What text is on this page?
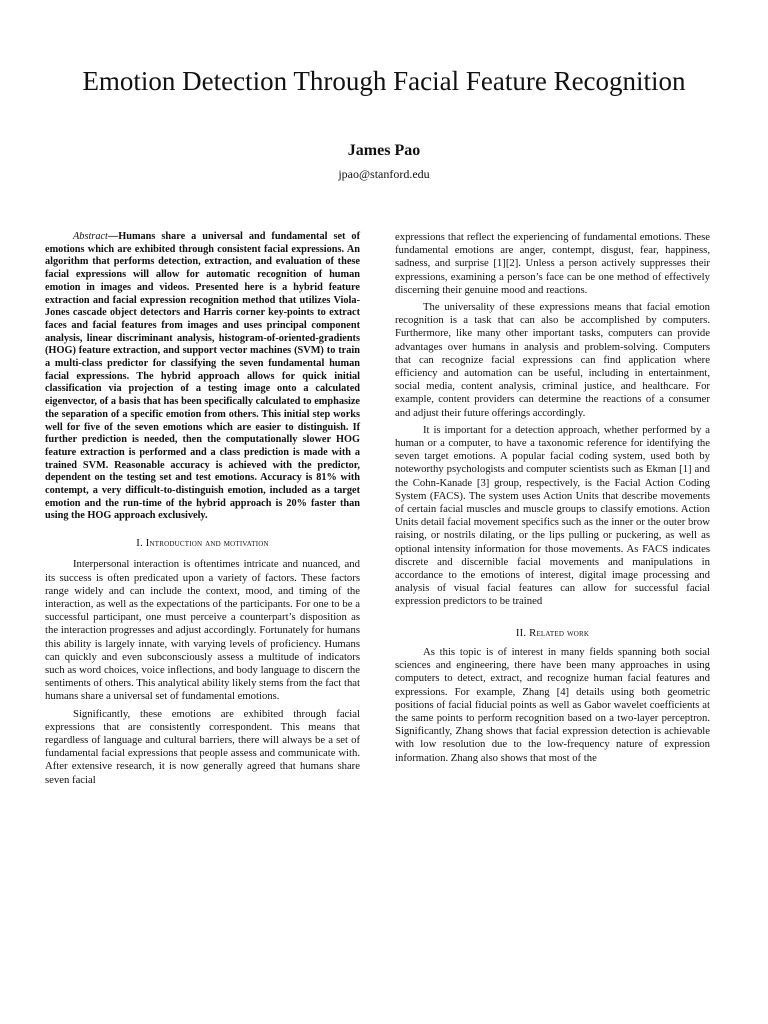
Emotion Detection Through Facial Feature Recognition
James Pao
jpao@stanford.edu

Abstract—Humans share a universal and fundamental set of emotions which are exhibited through consistent facial expressions. An algorithm that performs detection, extraction, and evaluation of these facial expressions will allow for automatic recognition of human emotion in images and videos. Presented here is a hybrid feature extraction and facial expression recognition method that utilizes Viola-Jones cascade object detectors and Harris corner key-points to extract faces and facial features from images and uses principal component analysis, linear discriminant analysis, histogram-of-oriented-gradients (HOG) feature extraction, and support vector machines (SVM) to train a multi-class predictor for classifying the seven fundamental human facial expressions. The hybrid approach allows for quick initial classification via projection of a testing image onto a calculated eigenvector, of a basis that has been specifically calculated to emphasize the separation of a specific emotion from others. This initial step works well for five of the seven emotions which are easier to distinguish. If further prediction is needed, then the computationally slower HOG feature extraction is performed and a class prediction is made with a trained SVM. Reasonable accuracy is achieved with the predictor, dependent on the testing set and test emotions. Accuracy is 81% with contempt, a very difficult-to-distinguish emotion, included as a target emotion and the run-time of the hybrid approach is 20% faster than using the HOG approach exclusively.

I. Introduction and motivation

Interpersonal interaction is oftentimes intricate and nuanced, and its success is often predicated upon a variety of factors. These factors range widely and can include the context, mood, and timing of the interaction, as well as the expectations of the participants. For one to be a successful participant, one must perceive a counterpart’s disposition as the interaction progresses and adjust accordingly. Fortunately for humans this ability is largely innate, with varying levels of proficiency. Humans can quickly and even subconsciously assess a multitude of indicators such as word choices, voice inflections, and body language to discern the sentiments of others. This analytical ability likely stems from the fact that humans share a universal set of fundamental emotions.

Significantly, these emotions are exhibited through facial expressions that are consistently correspondent. This means that regardless of language and cultural barriers, there will always be a set of fundamental facial expressions that people assess and communicate with. After extensive research, it is now generally agreed that humans share seven facial

expressions that reflect the experiencing of fundamental emotions. These fundamental emotions are anger, contempt, disgust, fear, happiness, sadness, and surprise [1][2]. Unless a person actively suppresses their expressions, examining a person’s face can be one method of effectively discerning their genuine mood and reactions.

The universality of these expressions means that facial emotion recognition is a task that can also be accomplished by computers. Furthermore, like many other important tasks, computers can provide advantages over humans in analysis and problem-solving. Computers that can recognize facial expressions can find application where efficiency and automation can be useful, including in entertainment, social media, content analysis, criminal justice, and healthcare. For example, content providers can determine the reactions of a consumer and adjust their future offerings accordingly.

It is important for a detection approach, whether performed by a human or a computer, to have a taxonomic reference for identifying the seven target emotions. A popular facial coding system, used both by noteworthy psychologists and computer scientists such as Ekman [1] and the Cohn-Kanade [3] group, respectively, is the Facial Action Coding System (FACS). The system uses Action Units that describe movements of certain facial muscles and muscle groups to classify emotions. Action Units detail facial movement specifics such as the inner or the outer brow raising, or nostrils dilating, or the lips pulling or puckering, as well as optional intensity information for those movements. As FACS indicates discrete and discernible facial movements and manipulations in accordance to the emotions of interest, digital image processing and analysis of visual facial features can allow for successful facial expression predictors to be trained

II. Related work

As this topic is of interest in many fields spanning both social sciences and engineering, there have been many approaches in using computers to detect, extract, and recognize human facial features and expressions. For example, Zhang [4] details using both geometric positions of facial fiducial points as well as Gabor wavelet coefficients at the same points to perform recognition based on a two-layer perceptron. Significantly, Zhang shows that facial expression detection is achievable with low resolution due to the low-frequency nature of expression information. Zhang also shows that most of the
